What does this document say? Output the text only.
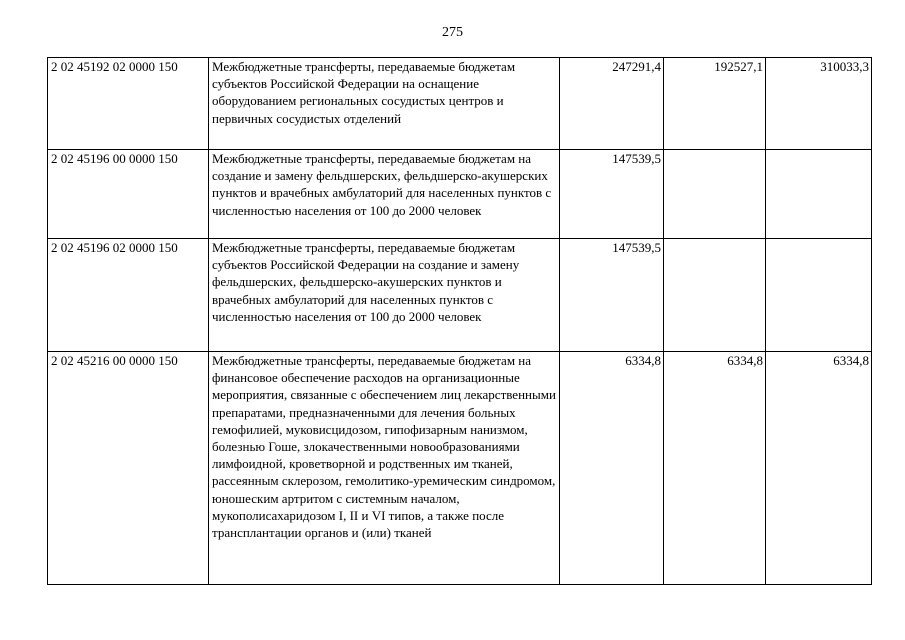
275
2 02 45192 02 0000 150	Межбюджетные трансферты, передаваемые бюджетам субъектов Российской Федерации на оснащение оборудованием региональных сосудистых центров и первичных сосудистых отделений	247291,4	192527,1	310033,3
2 02 45196 00 0000 150	Межбюджетные трансферты, передаваемые бюджетам на создание и замену фельдшерских, фельдшерско-акушерских пунктов и врачебных амбулаторий для населенных пунктов с численностью населения от 100 до 2000 человек	147539,5		
2 02 45196 02 0000 150	Межбюджетные трансферты, передаваемые бюджетам субъектов Российской Федерации на создание и замену фельдшерских, фельдшерско-акушерских пунктов и врачебных амбулаторий для населенных пунктов с численностью населения от 100 до 2000 человек	147539,5		
2 02 45216 00 0000 150	Межбюджетные трансферты, передаваемые бюджетам на финансовое обеспечение расходов на организационные мероприятия, связанные с обеспечением лиц лекарственными препаратами, предназначенными для лечения больных гемофилией, муковисцидозом, гипофизарным нанизмом, болезнью Гоше, злокачественными новообразованиями лимфоидной, кроветворной и родственных им тканей, рассеянным склерозом, гемолитико-уремическим синдромом, юношеским артритом с системным началом, мукополисахаридозом I, II и VI типов, а также после трансплантации органов и (или) тканей	6334,8	6334,8	6334,8
